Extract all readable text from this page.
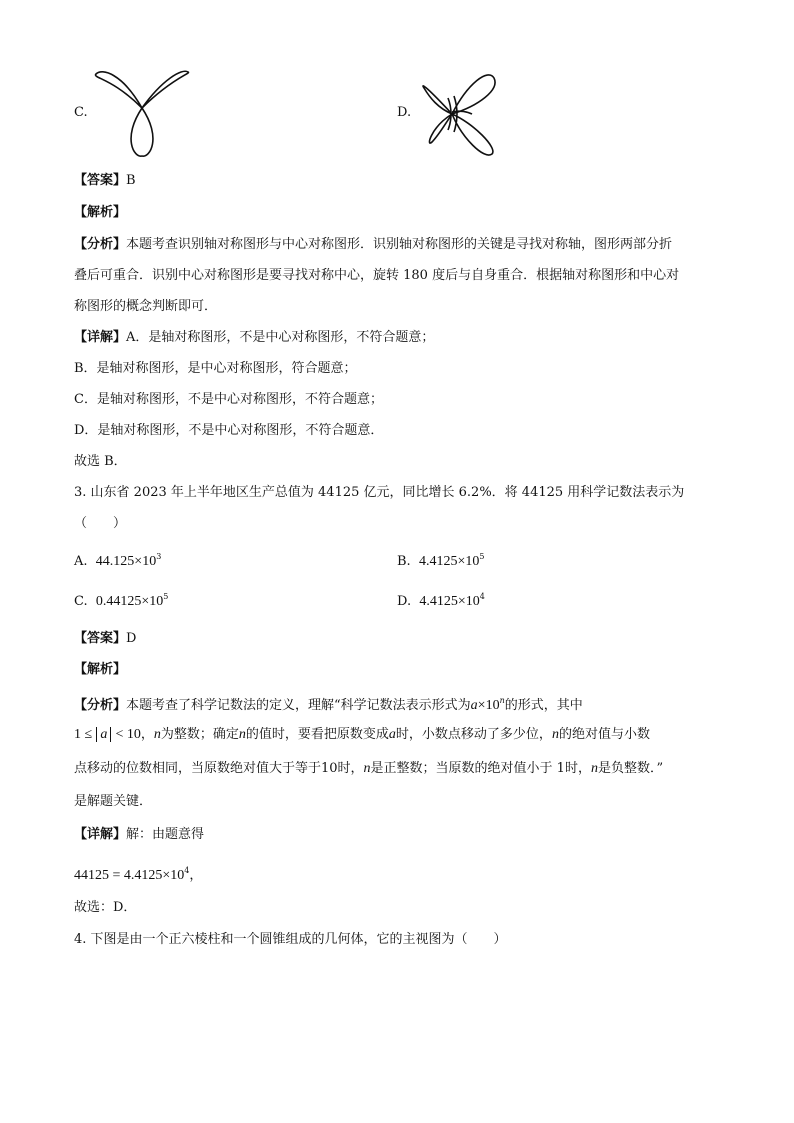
C.	D.
【答案】B
【解析】
【分析】本题考查识别轴对称图形与中心对称图形．识别轴对称图形的关键是寻找对称轴，图形两部分折
叠后可重合．识别中心对称图形是要寻找对称中心，旋转 180 度后与自身重合．根据轴对称图形和中心对
称图形的概念判断即可．
【详解】A．是轴对称图形，不是中心对称图形，不符合题意；
B．是轴对称图形，是中心对称图形，符合题意；
C．是轴对称图形，不是中心对称图形，不符合题意；
D．是轴对称图形，不是中心对称图形，不符合题意．
故选 B．
3. 山东省 2023 年上半年地区生产总值为 44125 亿元，同比增长 6.2%．将 44125 用科学记数法表示为
（　　）
A. $44.125\times 10^3$	B. $4.4125\times 10^5$
C. $0.44125\times 10^5$	D. $4.4125\times 10^4$
【答案】D
【解析】
【分析】本题考查了科学记数法的定义，理解“科学记数法表示形式为$a\times 10^n$的形式，其中
1 ≤ a < 10，n为整数；确定n的值时，要看把原数变成a时，小数点移动了多少位，n的绝对值与小数
点移动的位数相同，当原数绝对值大于等于10时，n是正整数；当原数的绝对值小于 1时，n是负整数．”
是解题关键．
【详解】解：由题意得
$44125 = 4.4125\times 10^4$，
故选：D．
4. 下图是由一个正六棱柱和一个圆锥组成的几何体，它的主视图为（　　）
